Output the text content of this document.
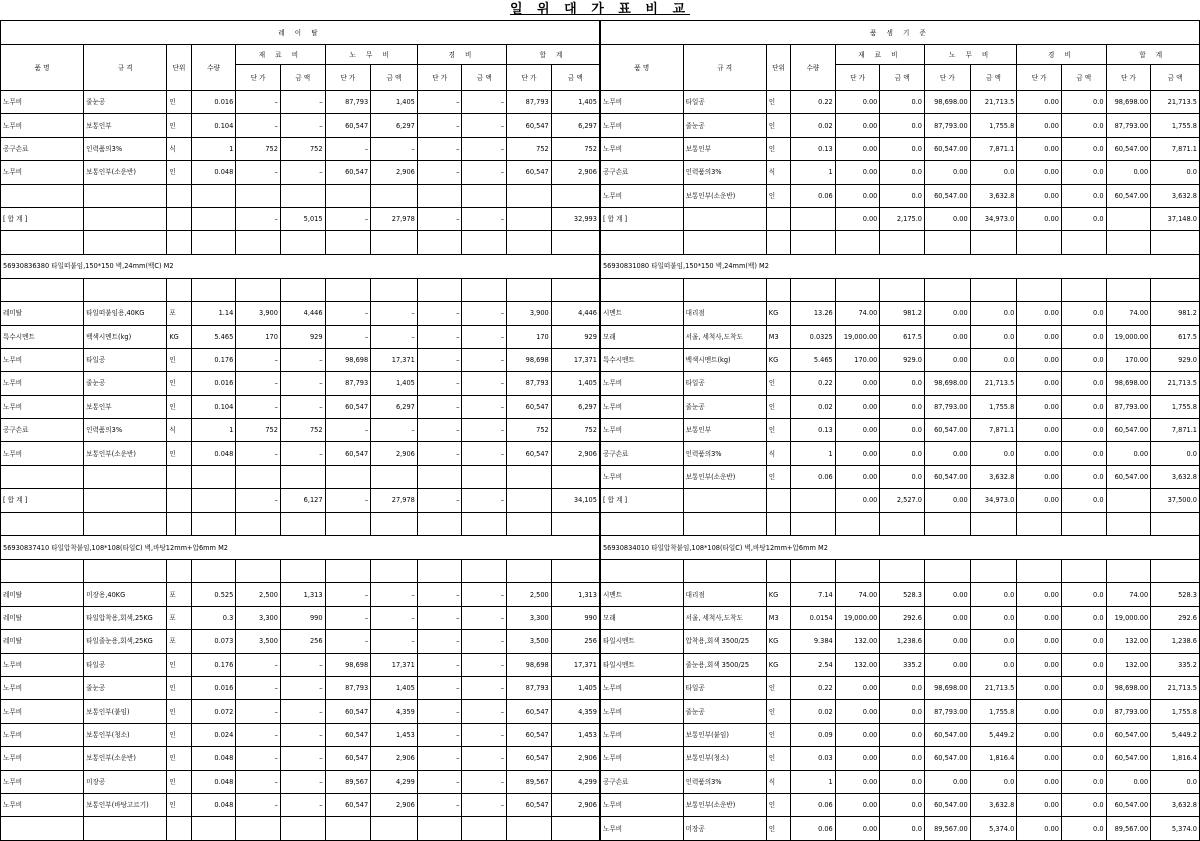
일 위 대 가 표 비 교
레 이 탈												품 셈 기 준											
품 명	규 격	단위	수량	재 료 비		노 무 비		경 비		합 계		품 명	규 격	단위	수량	재 료 비		노 무 비		경 비		합 계	
				단 가	금 액	단 가	금 액	단 가	금 액	단 가	금 액					단 가	금 액	단 가	금 액	단 가	금 액	단 가	금 액
노무비	줄눈공	인	0.016	–	–	87,793	1,405	–	–	87,793	1,405	노무비	타일공	인	0.22	0.00	0.0	98,698.00	21,713.5	0.00	0.0	98,698.00	21,713.5
노무비	보통인부	인	0.104	–	–	60,547	6,297	–	–	60,547	6,297	노무비	줄눈공	인	0.02	0.00	0.0	87,793.00	1,755.8	0.00	0.0	87,793.00	1,755.8
공구손료	인력품의3%	식	1	752	752	–	–	–	–	752	752	노무비	보통인부	인	0.13	0.00	0.0	60,547.00	7,871.1	0.00	0.0	60,547.00	7,871.1
노무비	보통인부(소운반)	인	0.048	–	–	60,547	2,906	–	–	60,547	2,906	공구손료	인력품의3%	식	1	0.00	0.0	0.00	0.0	0.00	0.0	0.00	0.0
												노무비	보통인부(소운반)	인	0.06	0.00	0.0	60,547.00	3,632.8	0.00	0.0	60,547.00	3,632.8
[ 합 계 ]				–	5,015	–	27,978	–	–		32,993	[ 합 계 ]				0.00	2,175.0	0.00	34,973.0	0.00	0.0		37,148.0

56930836380 타일떠붙임,150*150 벽,24mm(백C) M2												56930831080 타일떠붙임,150*150 벽,24mm(백) M2											

레미탈	타일떠붙임용,40KG	포	1.14	3,900	4,446	–	–	–	–	3,900	4,446	시멘트	대리점	KG	13.26	74.00	981.2	0.00	0.0	0.00	0.0	74.00	981.2
특수시멘트	백색시멘트(kg)	KG	5.465	170	929	–	–	–	–	170	929	모래	서울, 세척사,도착도	M3	0.0325	19,000.00	617.5	0.00	0.0	0.00	0.0	19,000.00	617.5
노무비	타일공	인	0.176	–	–	98,698	17,371	–	–	98,698	17,371	특수시멘트	백색시멘트(kg)	KG	5.465	170.00	929.0	0.00	0.0	0.00	0.0	170.00	929.0
노무비	줄눈공	인	0.016	–	–	87,793	1,405	–	–	87,793	1,405	노무비	타일공	인	0.22	0.00	0.0	98,698.00	21,713.5	0.00	0.0	98,698.00	21,713.5
노무비	보통인부	인	0.104	–	–	60,547	6,297	–	–	60,547	6,297	노무비	줄눈공	인	0.02	0.00	0.0	87,793.00	1,755.8	0.00	0.0	87,793.00	1,755.8
공구손료	인력품의3%	식	1	752	752	–	–	–	–	752	752	노무비	보통인부	인	0.13	0.00	0.0	60,547.00	7,871.1	0.00	0.0	60,547.00	7,871.1
노무비	보통인부(소운반)	인	0.048	–	–	60,547	2,906	–	–	60,547	2,906	공구손료	인력품의3%	식	1	0.00	0.0	0.00	0.0	0.00	0.0	0.00	0.0
												노무비	보통인부(소운반)	인	0.06	0.00	0.0	60,547.00	3,632.8	0.00	0.0	60,547.00	3,632.8
[ 합 계 ]				–	6,127	–	27,978	–	–		34,105	[ 합 계 ]				0.00	2,527.0	0.00	34,973.0	0.00	0.0		37,500.0

56930837410 타일압착붙임,108*108(타일C) 벽,바탕12mm+압6mm M2												56930834010 타일압착붙임,108*108(타일C) 벽,바탕12mm+압6mm M2											

레미탈	미장용,40KG	포	0.525	2,500	1,313	–	–	–	–	2,500	1,313	시멘트	대리점	KG	7.14	74.00	528.3	0.00	0.0	0.00	0.0	74.00	528.3
레미탈	타일압착용,회색,25KG	포	0.3	3,300	990	–	–	–	–	3,300	990	모래	서울, 세척사,도착도	M3	0.0154	19,000.00	292.6	0.00	0.0	0.00	0.0	19,000.00	292.6
레미탈	타일줄눈용,회색,25KG	포	0.073	3,500	256	–	–	–	–	3,500	256	타일시멘트	압착용,회색 3500/25	KG	9.384	132.00	1,238.6	0.00	0.0	0.00	0.0	132.00	1,238.6
노무비	타일공	인	0.176	–	–	98,698	17,371	–	–	98,698	17,371	타일시멘트	줄눈용,회색 3500/25	KG	2.54	132.00	335.2	0.00	0.0	0.00	0.0	132.00	335.2
노무비	줄눈공	인	0.016	–	–	87,793	1,405	–	–	87,793	1,405	노무비	타일공	인	0.22	0.00	0.0	98,698.00	21,713.5	0.00	0.0	98,698.00	21,713.5
노무비	보통인부(붙임)	인	0.072	–	–	60,547	4,359	–	–	60,547	4,359	노무비	줄눈공	인	0.02	0.00	0.0	87,793.00	1,755.8	0.00	0.0	87,793.00	1,755.8
노무비	보통인부(청소)	인	0.024	–	–	60,547	1,453	–	–	60,547	1,453	노무비	보통인부(붙임)	인	0.09	0.00	0.0	60,547.00	5,449.2	0.00	0.0	60,547.00	5,449.2
노무비	보통인부(소운반)	인	0.048	–	–	60,547	2,906	–	–	60,547	2,906	노무비	보통인부(청소)	인	0.03	0.00	0.0	60,547.00	1,816.4	0.00	0.0	60,547.00	1,816.4
노무비	미장공	인	0.048	–	–	89,567	4,299	–	–	89,567	4,299	공구손료	인력품의3%	식	1	0.00	0.0	0.00	0.0	0.00	0.0	0.00	0.0
노무비	보통인부(바탕고르기)	인	0.048	–	–	60,547	2,906	–	–	60,547	2,906	노무비	보통인부(소운반)	인	0.06	0.00	0.0	60,547.00	3,632.8	0.00	0.0	60,547.00	3,632.8
												노무비	미장공	인	0.06	0.00	0.0	89,567.00	5,374.0	0.00	0.0	89,567.00	5,374.0
